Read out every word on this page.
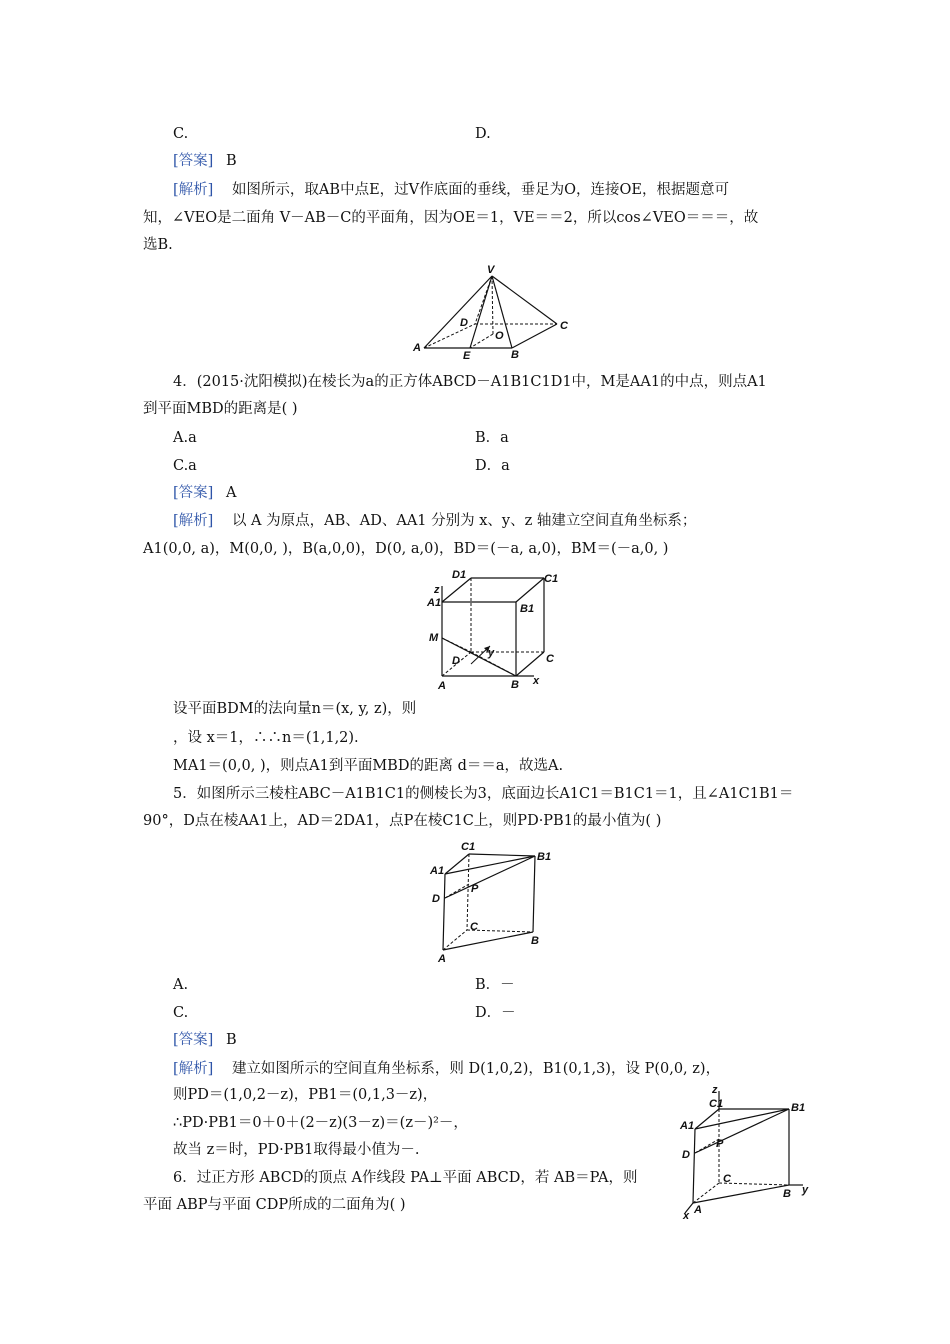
C.	D.
[答案] B
[解析] 如图所示，取AB中点E，过V作底面的垂线，垂足为O，连接OE，根据题意可
知，∠VEO是二面角 V－AB－C的平面角，因为OE＝1，VE＝＝2，所以cos∠VEO＝＝＝，故
选B.
V
D
O
C
A
E	B
4．(2015·沈阳模拟)在棱长为a的正方体ABCD－A1B1C1D1中，M是AA1的中点，则点A1
到平面MBD的距离是( )
A.a	B．a
C.a	D．a
[答案] A
[解析] 以 A 为原点，AB、AD、AA1 分别为 x、y、z 轴建立空间直角坐标系；
A1(0,0, a)，M(0,0, )，B(a,0,0)，D(0, a,0)，BD＝(－a, a,0)，BM＝(－a,0, )
z
D1	C1
A1	B1
M
y
D	C
A	B x
设平面BDM的法向量n＝(x, y, z)，则
，设 x＝1，∴∴n＝(1,1,2).
MA1＝(0,0, )，则点A1到平面MBD的距离 d＝＝a，故选A.
5．如图所示三棱柱ABC－A1B1C1的侧棱长为3，底面边长A1C1＝B1C1＝1，且∠A1C1B1＝
90°，D点在棱AA1上，AD＝2DA1，点P在棱C1C上，则PD·PB1的最小值为( )
C1
B1
A1
P
D
C
B
A
A.	B．－
C.	D．－
[答案] B
[解析] 建立如图所示的空间直角坐标系，则 D(1,0,2)，B1(0,1,3)，设 P(0,0, z)，
则PD＝(1,0,2－z)，PB1＝(0,1,3－z)，
∴PD·PB1＝0＋0＋(2－z)(3－z)＝(z－)²－，
故当 z＝时，PD·PB1取得最小值为－.
z
C1	B1
A1
P
D
C
B y
A
x
6．过正方形 ABCD的顶点 A作线段 PA⊥平面 ABCD，若 AB＝PA，则
平面 ABP与平面 CDP所成的二面角为( )
